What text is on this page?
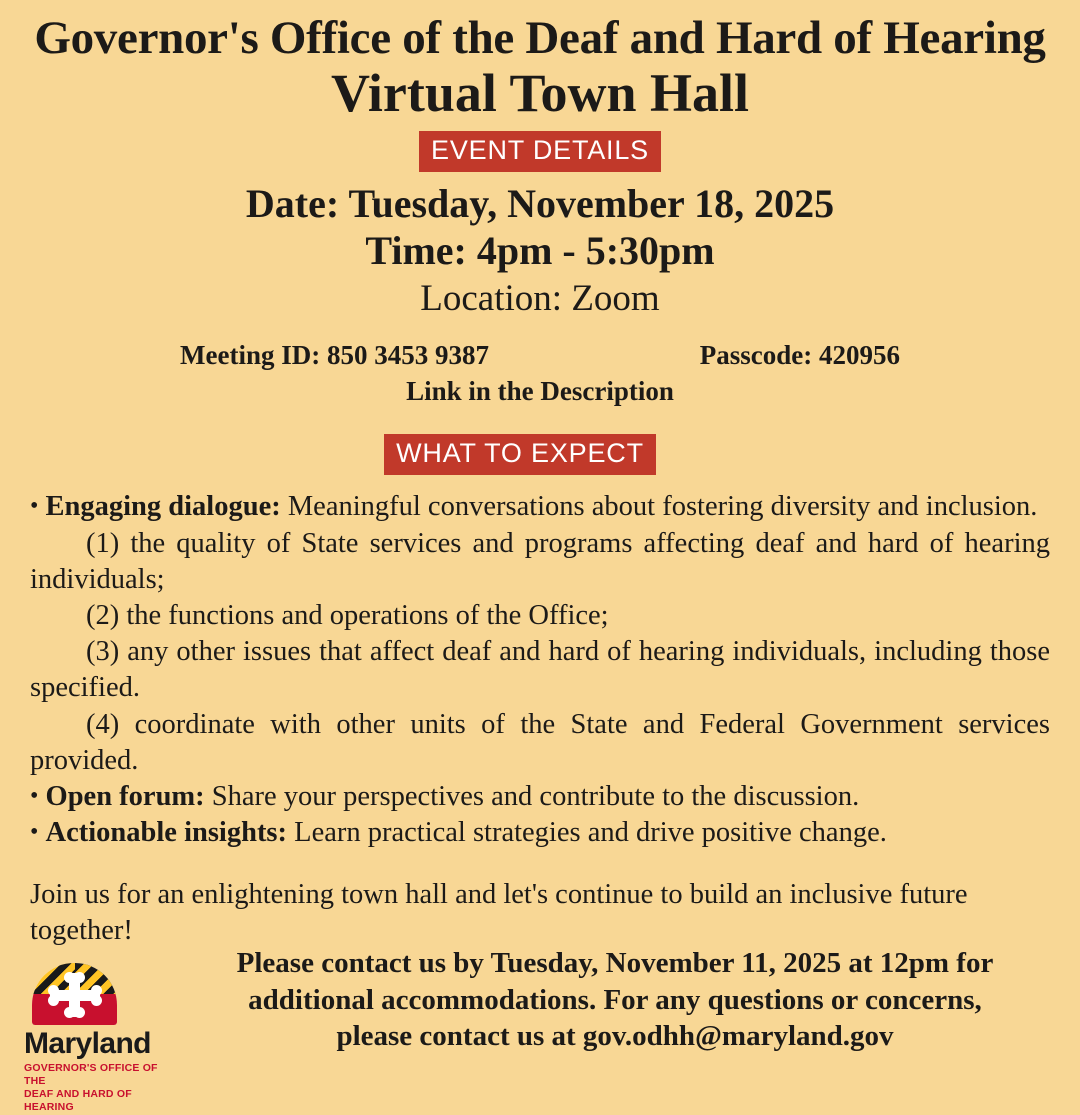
Governor's Office of the Deaf and Hard of Hearing
Virtual Town Hall
EVENT DETAILS
Date: Tuesday, November 18, 2025
Time: 4pm - 5:30pm
Location: Zoom
Meeting ID: 850 3453 9387	Passcode: 420956
Link in the Description
WHAT TO EXPECT

• Engaging dialogue: Meaningful conversations about fostering diversity and inclusion.

(1) the quality of State services and programs affecting deaf and hard of hearing individuals;

(2) the functions and operations of the Office;

(3) any other issues that affect deaf and hard of hearing individuals, including those specified.

(4) coordinate with other units of the State and Federal Government services provided.

• Open forum: Share your perspectives and contribute to the discussion.

• Actionable insights: Learn practical strategies and drive positive change.

Join us for an enlightening town hall and let's continue to build an inclusive future together!
Please contact us by Tuesday, November 11, 2025 at 12pm for
additional accommodations. For any questions or concerns,
please contact us at gov.odhh@maryland.gov
Maryland
GOVERNOR'S OFFICE OF THE
DEAF AND HARD OF HEARING
